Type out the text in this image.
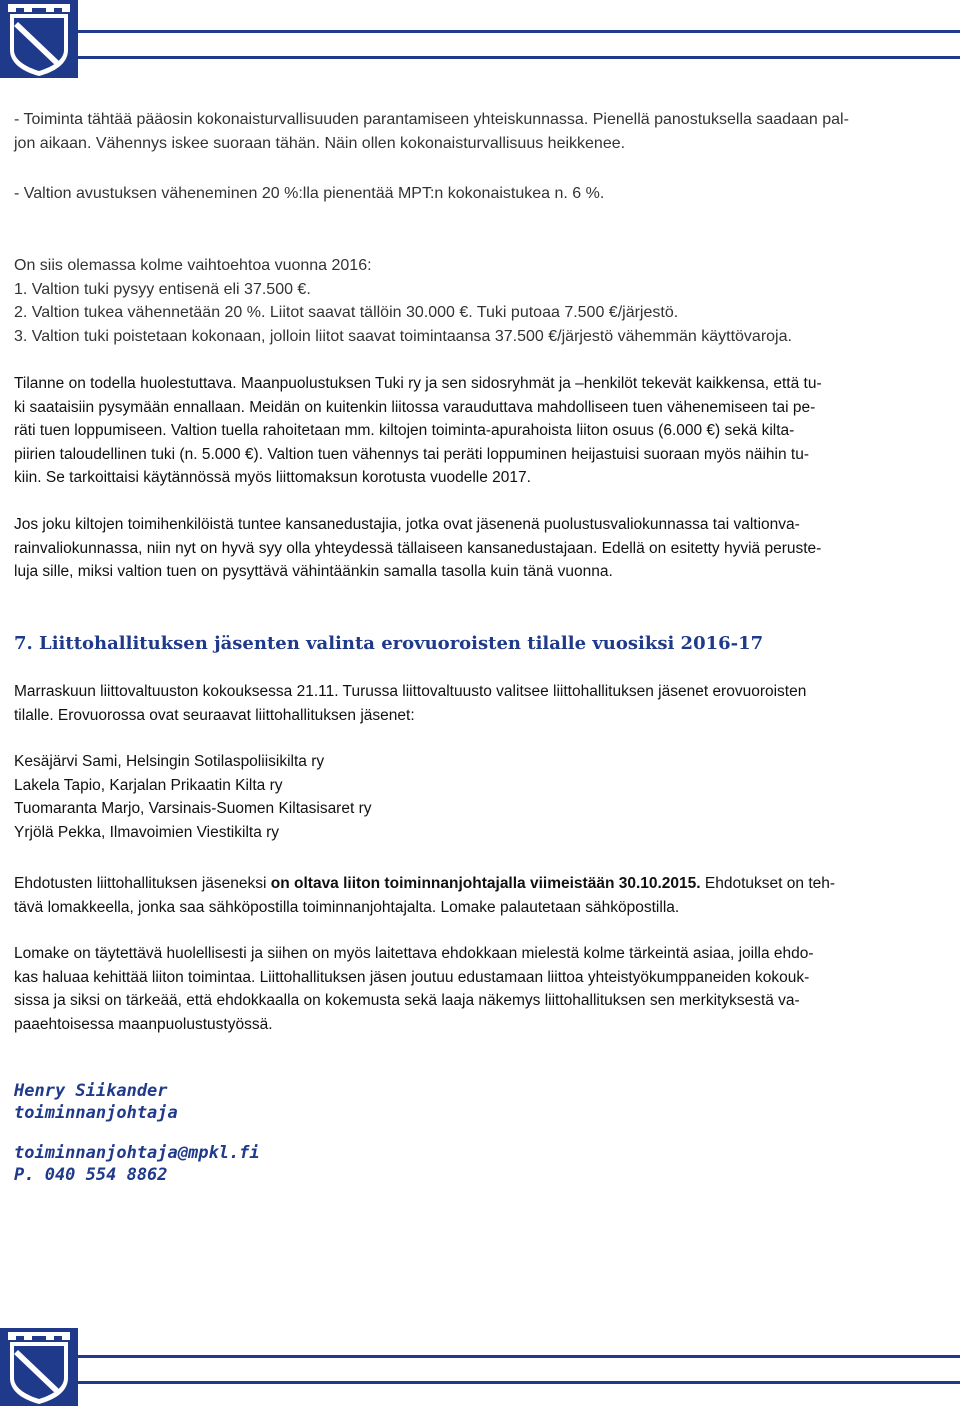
- Toiminta tähtää pääosin kokonaisturvallisuuden parantamiseen yhteiskunnassa. Pienellä panostuksella saadaan pal-
jon aikaan. Vähennys iskee suoraan tähän. Näin ollen kokonaisturvallisuus heikkenee.
- Valtion avustuksen väheneminen 20 %:lla pienentää MPT:n kokonaistukea n. 6 %.
On siis olemassa kolme vaihtoehtoa vuonna 2016:
1. Valtion tuki pysyy entisenä eli 37.500 €.
2. Valtion tukea vähennetään 20 %. Liitot saavat tällöin 30.000 €. Tuki putoaa 7.500 €/järjestö.
3. Valtion tuki poistetaan kokonaan, jolloin liitot saavat toimintaansa 37.500 €/järjestö vähemmän käyttövaroja.
Tilanne on todella huolestuttava. Maanpuolustuksen Tuki ry ja sen sidosryhmät ja –henkilöt tekevät kaikkensa, että tu-
ki saataisiin pysymään ennallaan. Meidän on kuitenkin liitossa varauduttava mahdolliseen tuen vähenemiseen tai pe-
räti tuen loppumiseen. Valtion tuella rahoitetaan mm. kiltojen toiminta-apurahoista liiton osuus (6.000 €) sekä kilta-
piirien taloudellinen tuki (n. 5.000 €). Valtion tuen vähennys tai peräti loppuminen heijastuisi suoraan myös näihin tu-
kiin. Se tarkoittaisi käytännössä myös liittomaksun korotusta vuodelle 2017.
Jos joku kiltojen toimihenkilöistä tuntee kansanedustajia, jotka ovat jäsenenä puolustusvaliokunnassa tai valtionva-
rainvaliokunnassa, niin nyt on hyvä syy olla yhteydessä tällaiseen kansanedustajaan. Edellä on esitetty hyviä peruste-
luja sille, miksi valtion tuen on pysyttävä vähintäänkin samalla tasolla kuin tänä vuonna.
7. Liittohallituksen jäsenten valinta erovuoroisten tilalle vuosiksi 2016-17
Marraskuun liittovaltuuston kokouksessa 21.11. Turussa liittovaltuusto valitsee liittohallituksen jäsenet erovuoroisten
tilalle. Erovuorossa ovat seuraavat liittohallituksen jäsenet:
Kesäjärvi Sami, Helsingin Sotilaspoliisikilta ry
Lakela Tapio, Karjalan Prikaatin Kilta ry
Tuomaranta Marjo, Varsinais-Suomen Kiltasisaret ry
Yrjölä Pekka, Ilmavoimien Viestikilta ry
Ehdotusten liittohallituksen jäseneksi on oltava liiton toiminnanjohtajalla viimeistään 30.10.2015. Ehdotukset on teh-
tävä lomakkeella, jonka saa sähköpostilla toiminnanjohtajalta. Lomake palautetaan sähköpostilla.
Lomake on täytettävä huolellisesti ja siihen on myös laitettava ehdokkaan mielestä kolme tärkeintä asiaa, joilla ehdo-
kas haluaa kehittää liiton toimintaa. Liittohallituksen jäsen joutuu edustamaan liittoa yhteistyökumppaneiden kokouk-
sissa ja siksi on tärkeää, että ehdokkaalla on kokemusta sekä laaja näkemys liittohallituksen sen merkityksestä va-
paaehtoisessa maanpuolustustyössä.
Henry Siikander
toiminnanjohtaja
toiminnanjohtaja@mpkl.fi
P. 040 554 8862
